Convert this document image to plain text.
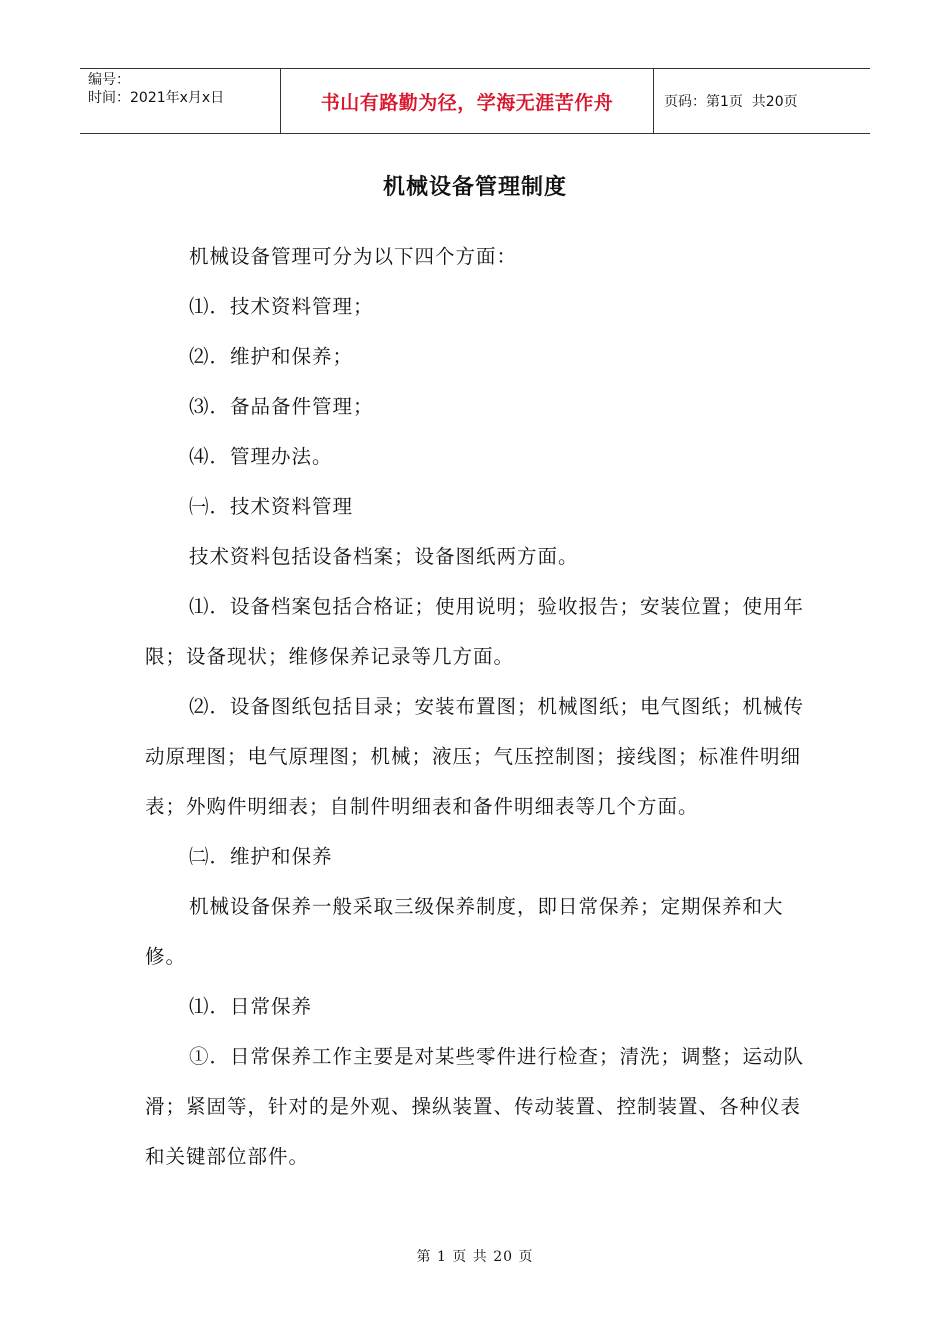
编号：
时间：2021年x月x日	书山有路勤为径，学海无涯苦作舟	页码：第1页  共20页
机械设备管理制度

机械设备管理可分为以下四个方面：

⑴．技术资料管理；

⑵．维护和保养；

⑶．备品备件管理；

⑷．管理办法。

㈠．技术资料管理

技术资料包括设备档案；设备图纸两方面。

⑴．设备档案包括合格证；使用说明；验收报告；安装位置；使用年限；设备现状；维修保养记录等几方面。

⑵．设备图纸包括目录；安装布置图；机械图纸；电气图纸；机械传动原理图；电气原理图；机械；液压；气压控制图；接线图；标准件明细表；外购件明细表；自制件明细表和备件明细表等几个方面。

㈡．维护和保养

机械设备保养一般采取三级保养制度，即日常保养；定期保养和大修。

⑴．日常保养

①．日常保养工作主要是对某些零件进行检查；清洗；调整；运动队滑；紧固等，针对的是外观、操纵装置、传动装置、控制装置、各种仪表和关键部位部件。

第 1 页 共 20 页
